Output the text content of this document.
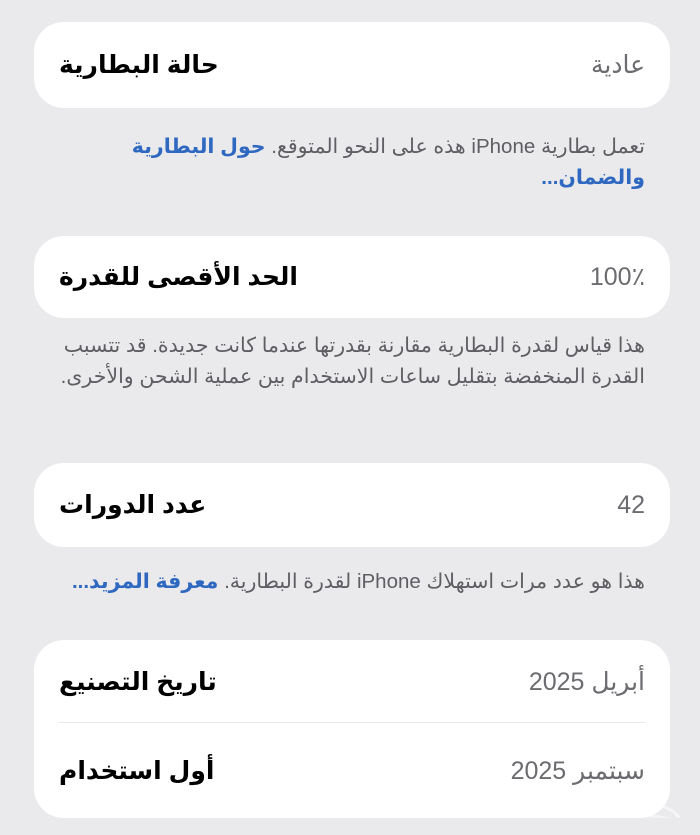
حالة البطارية	عادية
تعمل بطارية iPhone هذه على النحو المتوقع. حول البطارية والضمان...
الحد الأقصى للقدرة	100٪
هذا قياس لقدرة البطارية مقارنة بقدرتها عندما كانت جديدة. قد تتسبب القدرة المنخفضة بتقليل ساعات الاستخدام بين عملية الشحن والأخرى.
عدد الدورات	42
هذا هو عدد مرات استهلاك iPhone لقدرة البطارية. معرفة المزيد...
تاريخ التصنيع	أبريل 2025
أول استخدام	سبتمبر 2025
